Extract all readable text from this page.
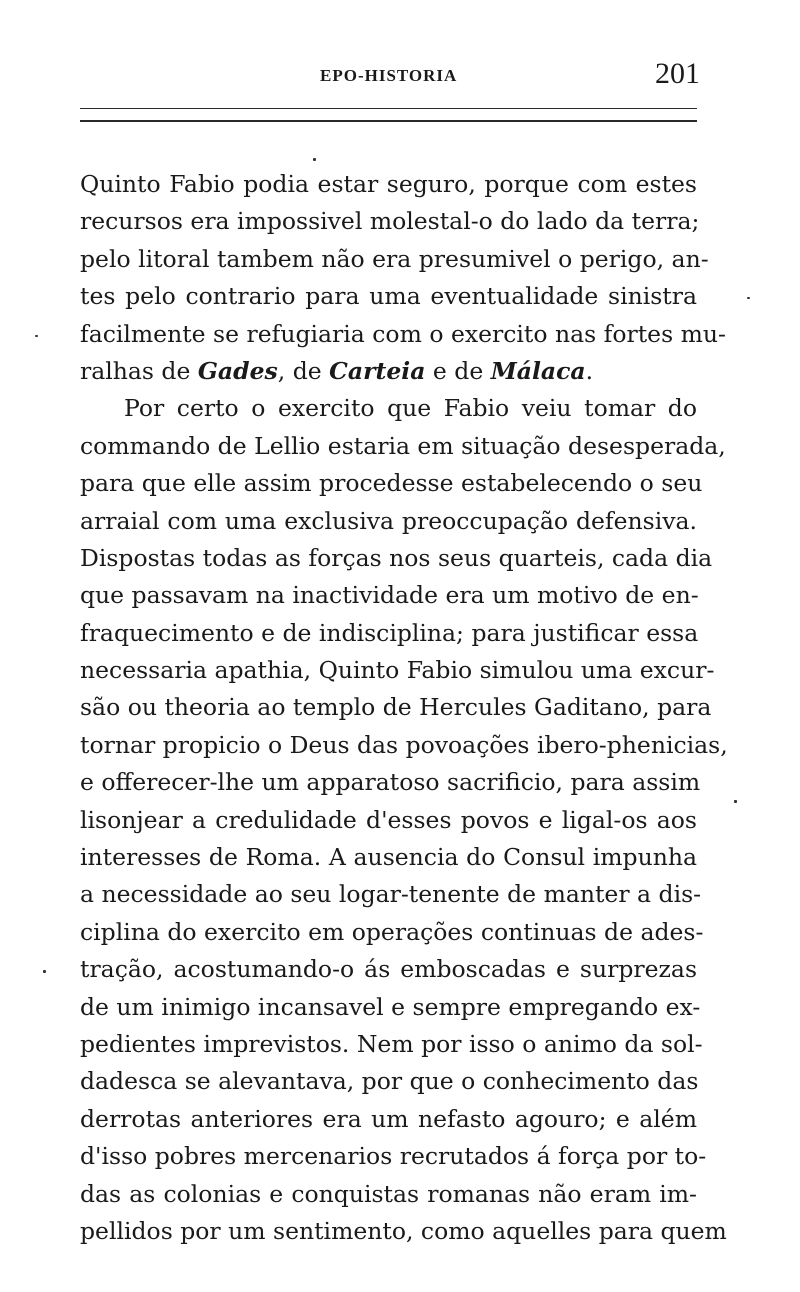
EPO-HISTORIA	201
Quinto Fabio podia estar seguro, porque com estes
recursos era impossivel molestal-o do lado da terra;
pelo litoral tambem não era presumivel o perigo, an-
tes pelo contrario para uma eventualidade sinistra
facilmente se refugiaria com o exercito nas fortes mu-
ralhas de Gades, de Carteia e de Málaca.
Por certo o exercito que Fabio veiu tomar do
commando de Lellio estaria em situação desesperada,
para que elle assim procedesse estabelecendo o seu
arraial com uma exclusiva preoccupação defensiva.
Dispostas todas as forças nos seus quarteis, cada dia
que passavam na inactividade era um motivo de en-
fraquecimento e de indisciplina; para justificar essa
necessaria apathia, Quinto Fabio simulou uma excur-
são ou theoria ao templo de Hercules Gaditano, para
tornar propicio o Deus das povoações ibero-phenicias,
e offerecer-lhe um apparatoso sacrificio, para assim
lisonjear a credulidade d'esses povos e ligal-os aos
interesses de Roma. A ausencia do Consul impunha
a necessidade ao seu logar-tenente de manter a dis-
ciplina do exercito em operações continuas de ades-
tração, acostumando-o ás emboscadas e surprezas
de um inimigo incansavel e sempre empregando ex-
pedientes imprevistos. Nem por isso o animo da sol-
dadesca se alevantava, por que o conhecimento das
derrotas anteriores era um nefasto agouro; e além
d'isso pobres mercenarios recrutados á força por to-
das as colonias e conquistas romanas não eram im-
pellidos por um sentimento, como aquelles para quem
